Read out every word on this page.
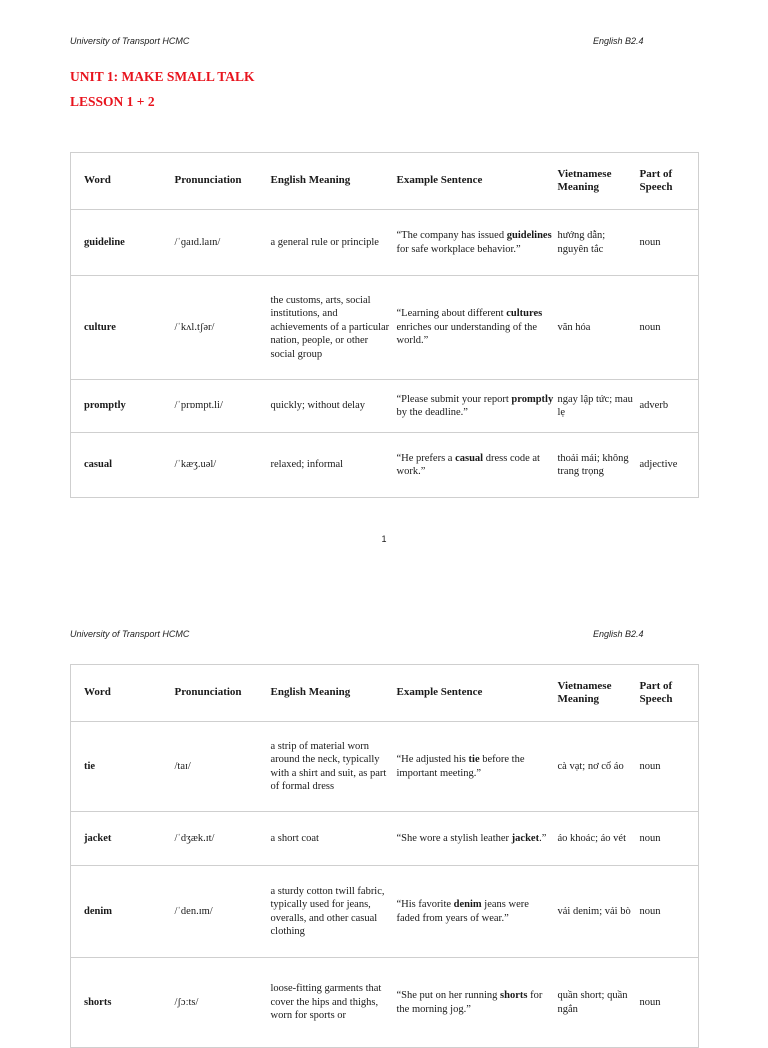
University of Transport HCMC	English B2.4
UNIT 1: MAKE SMALL TALK
LESSON 1 + 2
Word	Pronunciation	English Meaning	Example Sentence	Vietnamese Meaning	Part of Speech
guideline	/ˈɡaɪd.laɪn/	a general rule or principle	“The company has issued guidelines for safe workplace behavior.”	hướng dẫn; nguyên tắc	noun
culture	/ˈkʌl.tʃər/	the customs, arts, social institutions, and achievements of a particular nation, people, or other social group	“Learning about different cultures enriches our understanding of the world.”	văn hóa	noun
promptly	/ˈprɒmpt.li/	quickly; without delay	“Please submit your report promptly by the deadline.”	ngay lập tức; mau lẹ	adverb
casual	/ˈkæʒ.uəl/	relaxed; informal	“He prefers a casual dress code at work.”	thoải mái; không trang trọng	adjective
1
University of Transport HCMC	English B2.4
Word	Pronunciation	English Meaning	Example Sentence	Vietnamese Meaning	Part of Speech
tie	/taɪ/	a strip of material worn around the neck, typically with a shirt and suit, as part of formal dress	“He adjusted his tie before the important meeting.”	cà vạt; nơ cổ áo	noun
jacket	/ˈdʒæk.ɪt/	a short coat	“She wore a stylish leather jacket.”	áo khoác; áo vét	noun
denim	/ˈden.ɪm/	a sturdy cotton twill fabric, typically used for jeans, overalls, and other casual clothing	“His favorite denim jeans were faded from years of wear.”	vải denim; vải bò	noun
shorts	/ʃɔːts/	loose-fitting garments that cover the hips and thighs, worn for sports or	“She put on her running shorts for the morning jog.”	quần short; quần ngắn	noun
